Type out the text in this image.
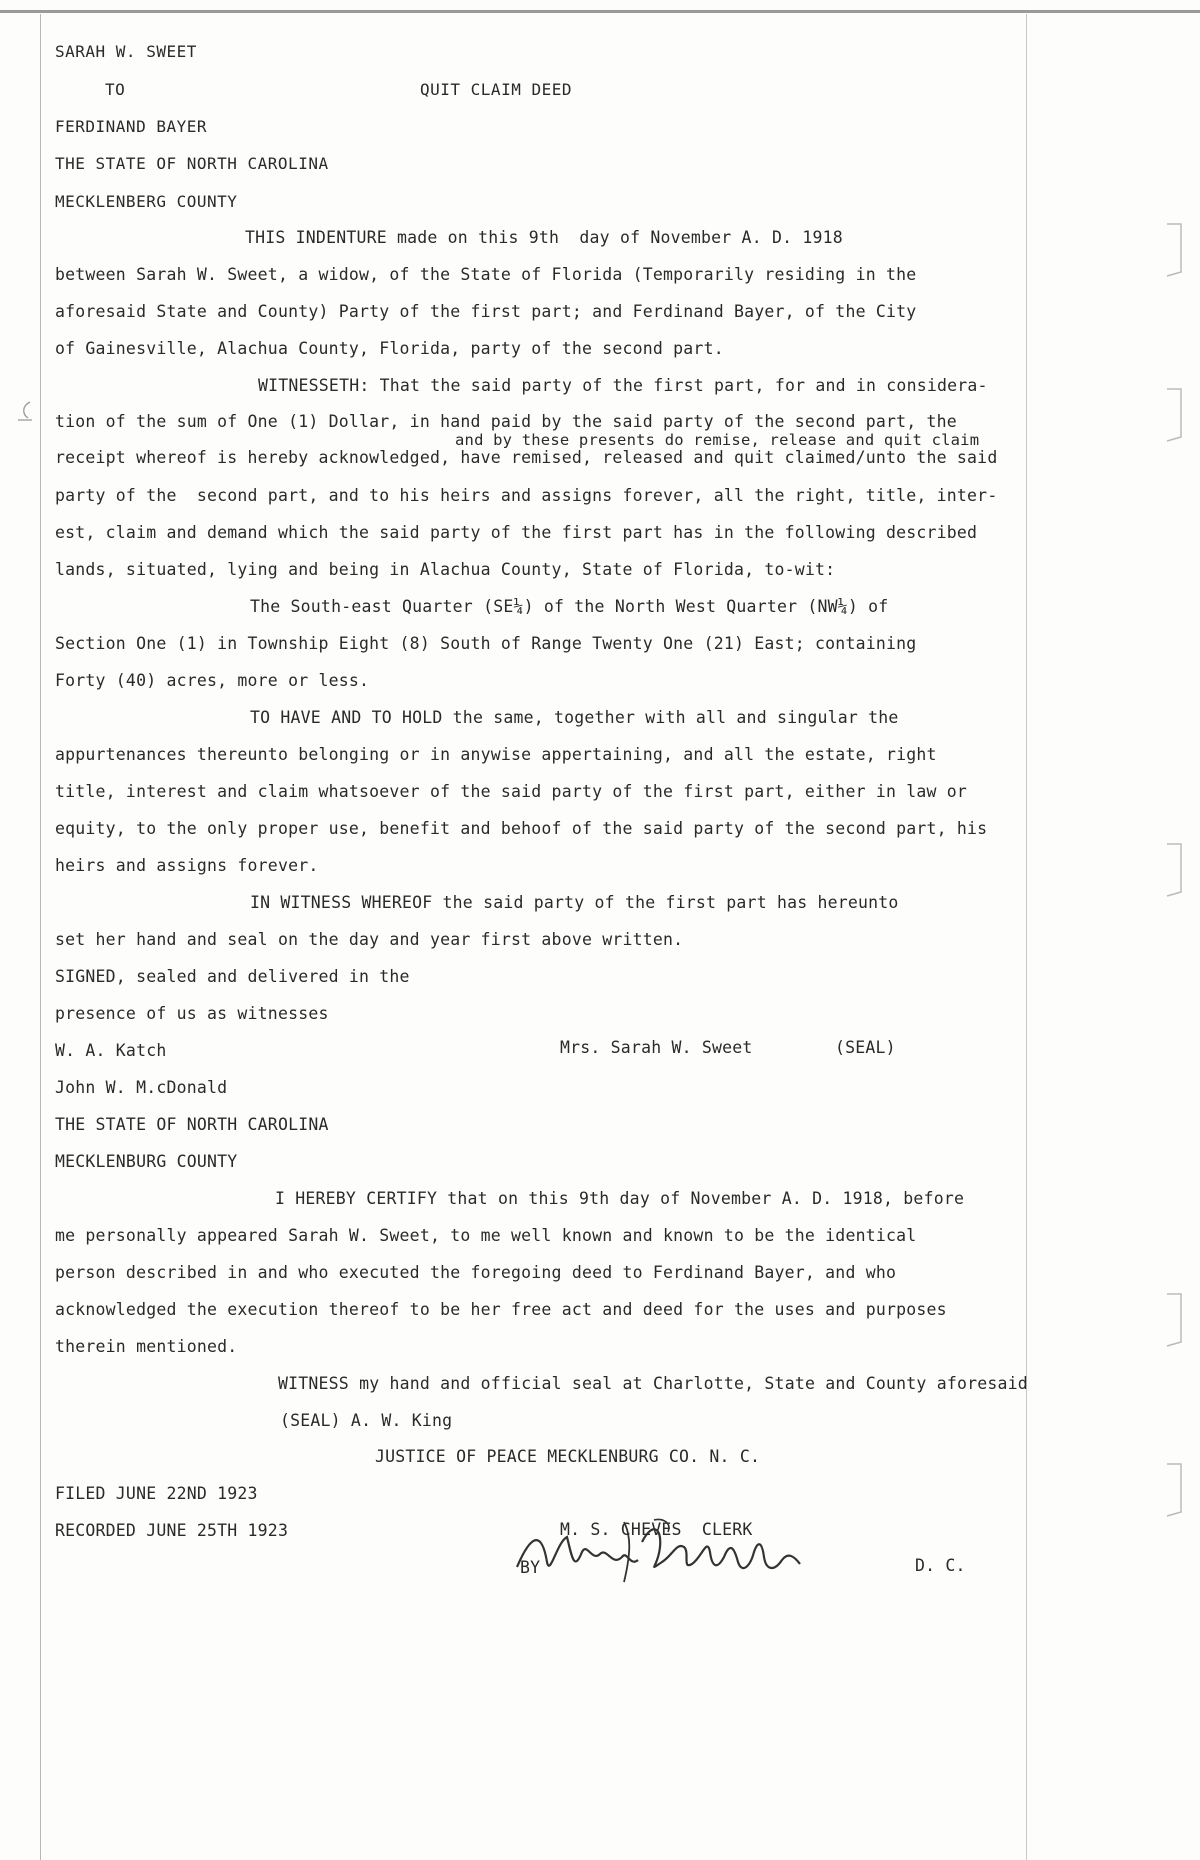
SARAH W. SWEET
TO	QUIT CLAIM DEED
FERDINAND BAYER
THE STATE OF NORTH CAROLINA
MECKLENBERG COUNTY
THIS INDENTURE made on this 9th  day of November A. D. 1918
between Sarah W. Sweet, a widow, of the State of Florida (Temporarily residing in the
aforesaid State and County) Party of the first part; and Ferdinand Bayer, of the City
of Gainesville, Alachua County, Florida, party of the second part.
WITNESSETH: That the said party of the first part, for and in considera-
tion of the sum of One (1) Dollar, in hand paid by the said party of the second part, the
and by these presents do remise, release and quit claim
receipt whereof is hereby acknowledged, have remised, released and quit claimed/unto the said
party of the  second part, and to his heirs and assigns forever, all the right, title, inter-
est, claim and demand which the said party of the first part has in the following described
lands, situated, lying and being in Alachua County, State of Florida, to-wit:
The South-east Quarter (SE¼) of the North West Quarter (NW¼) of
Section One (1) in Township Eight (8) South of Range Twenty One (21) East; containing
Forty (40) acres, more or less.
TO HAVE AND TO HOLD the same, together with all and singular the
appurtenances thereunto belonging or in anywise appertaining, and all the estate, right
title, interest and claim whatsoever of the said party of the first part, either in law or
equity, to the only proper use, benefit and behoof of the said party of the second part, his
heirs and assigns forever.
IN WITNESS WHEREOF the said party of the first part has hereunto
set her hand and seal on the day and year first above written.
SIGNED, sealed and delivered in the
presence of us as witnesses
W. A. Katch	Mrs. Sarah W. Sweet	(SEAL)
John W. M.cDonald
THE STATE OF NORTH CAROLINA
MECKLENBURG COUNTY
I HEREBY CERTIFY that on this 9th day of November A. D. 1918, before
me personally appeared Sarah W. Sweet, to me well known and known to be the identical
person described in and who executed the foregoing deed to Ferdinand Bayer, and who
acknowledged the execution thereof to be her free act and deed for the uses and purposes
therein mentioned.
WITNESS my hand and official seal at Charlotte, State and County aforesaid
(SEAL) A. W. King
JUSTICE OF PEACE MECKLENBURG CO. N. C.
FILED JUNE 22ND 1923
RECORDED JUNE 25TH 1923	M. S. CHEVES  CLERK
BY	D. C.
